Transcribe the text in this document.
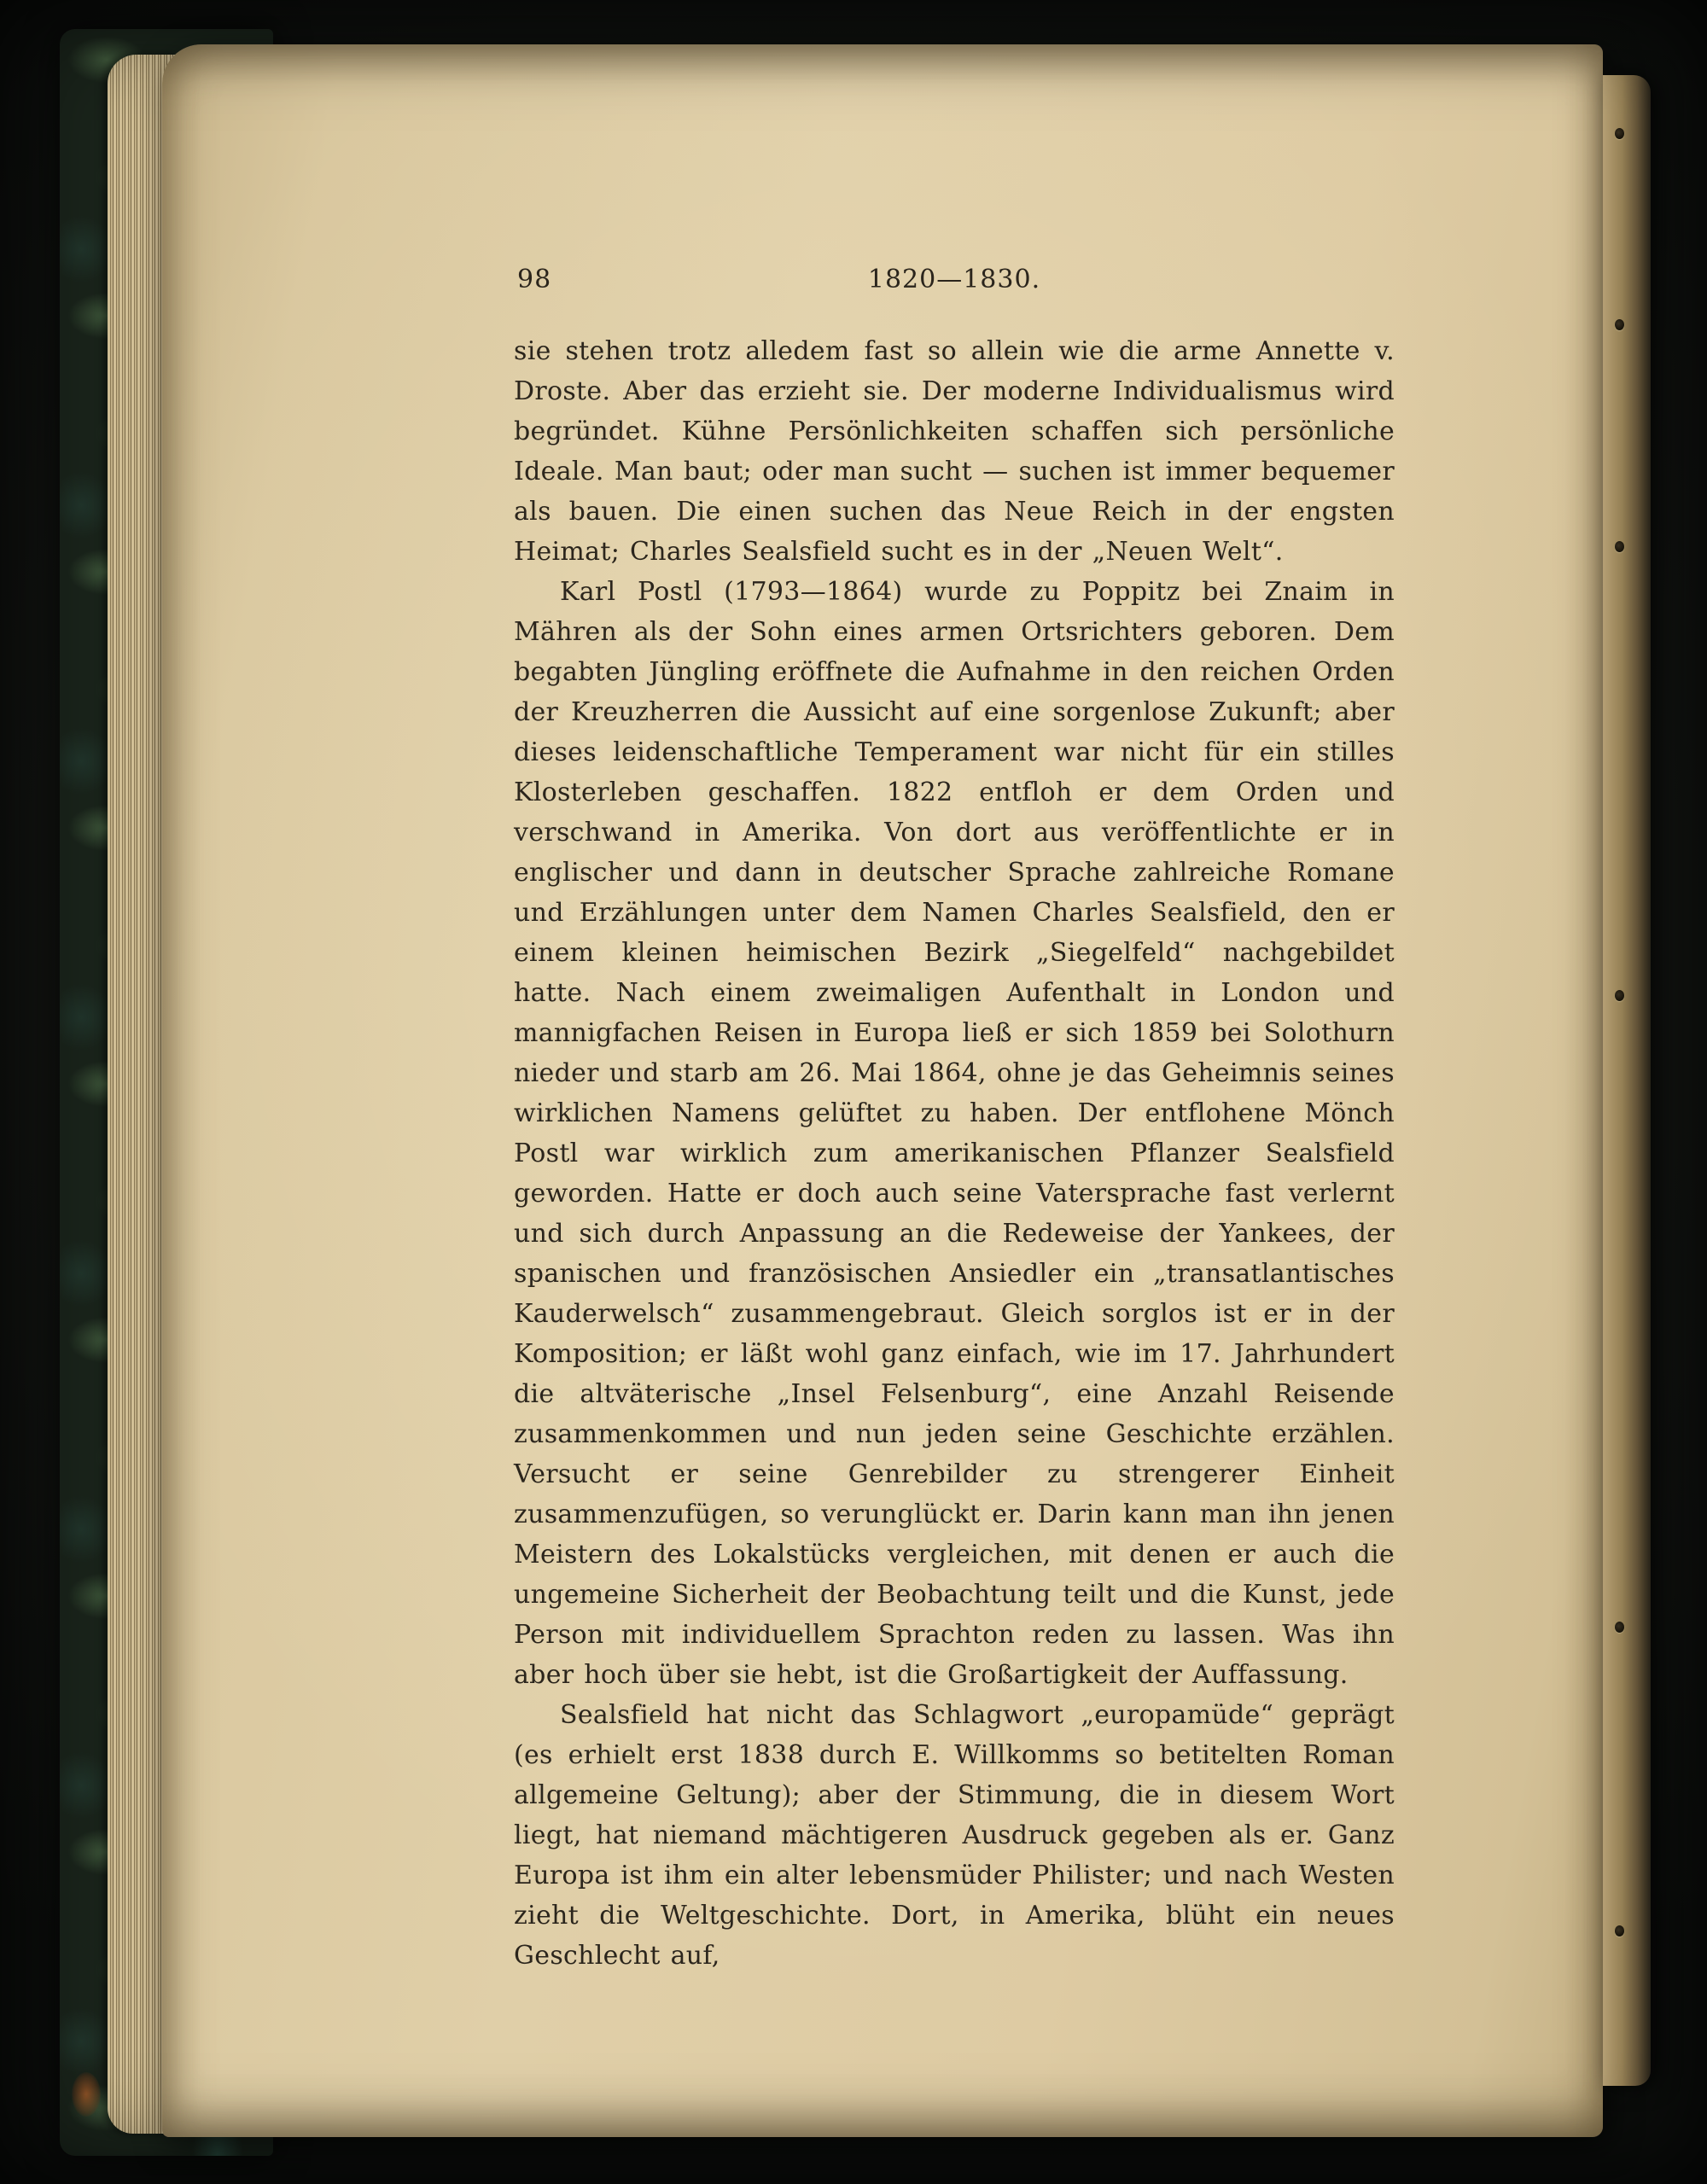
98	1820—1830.

sie stehen trotz alledem fast so allein wie die arme Annette v. Droste. Aber das erzieht sie. Der moderne Individualismus wird begründet. Kühne Persönlichkeiten schaffen sich persönliche Ideale. Man baut; oder man sucht — suchen ist immer bequemer als bauen. Die einen suchen das Neue Reich in der engsten Heimat; Charles Sealsfield sucht es in der „Neuen Welt“.

Karl Postl (1793—1864) wurde zu Poppitz bei Znaim in Mähren als der Sohn eines armen Ortsrichters geboren. Dem begabten Jüngling eröffnete die Aufnahme in den reichen Orden der Kreuzherren die Aussicht auf eine sorgenlose Zukunft; aber dieses leidenschaftliche Temperament war nicht für ein stilles Klosterleben geschaffen. 1822 entfloh er dem Orden und verschwand in Amerika. Von dort aus veröffentlichte er in englischer und dann in deutscher Sprache zahlreiche Romane und Erzählungen unter dem Namen Charles Sealsfield, den er einem kleinen heimischen Bezirk „Siegelfeld“ nachgebildet hatte. Nach einem zweimaligen Aufenthalt in London und mannigfachen Reisen in Europa ließ er sich 1859 bei Solothurn nieder und starb am 26. Mai 1864, ohne je das Geheimnis seines wirklichen Namens gelüftet zu haben. Der entflohene Mönch Postl war wirklich zum amerikanischen Pflanzer Sealsfield geworden. Hatte er doch auch seine Vatersprache fast verlernt und sich durch Anpassung an die Redeweise der Yankees, der spanischen und französischen Ansiedler ein „transatlantisches Kauderwelsch“ zusammengebraut. Gleich sorglos ist er in der Komposition; er läßt wohl ganz einfach, wie im 17. Jahrhundert die altväterische „Insel Felsenburg“, eine Anzahl Reisende zusammenkommen und nun jeden seine Geschichte erzählen. Versucht er seine Genrebilder zu strengerer Einheit zusammenzufügen, so verunglückt er. Darin kann man ihn jenen Meistern des Lokalstücks vergleichen, mit denen er auch die ungemeine Sicherheit der Beobachtung teilt und die Kunst, jede Person mit individuellem Sprachton reden zu lassen. Was ihn aber hoch über sie hebt, ist die Großartigkeit der Auffassung.

Sealsfield hat nicht das Schlagwort „europamüde“ geprägt (es erhielt erst 1838 durch E. Willkomms so betitelten Roman allgemeine Geltung); aber der Stimmung, die in diesem Wort liegt, hat niemand mächtigeren Ausdruck gegeben als er. Ganz Europa ist ihm ein alter lebensmüder Philister; und nach Westen zieht die Weltgeschichte. Dort, in Amerika, blüht ein neues Geschlecht auf,
